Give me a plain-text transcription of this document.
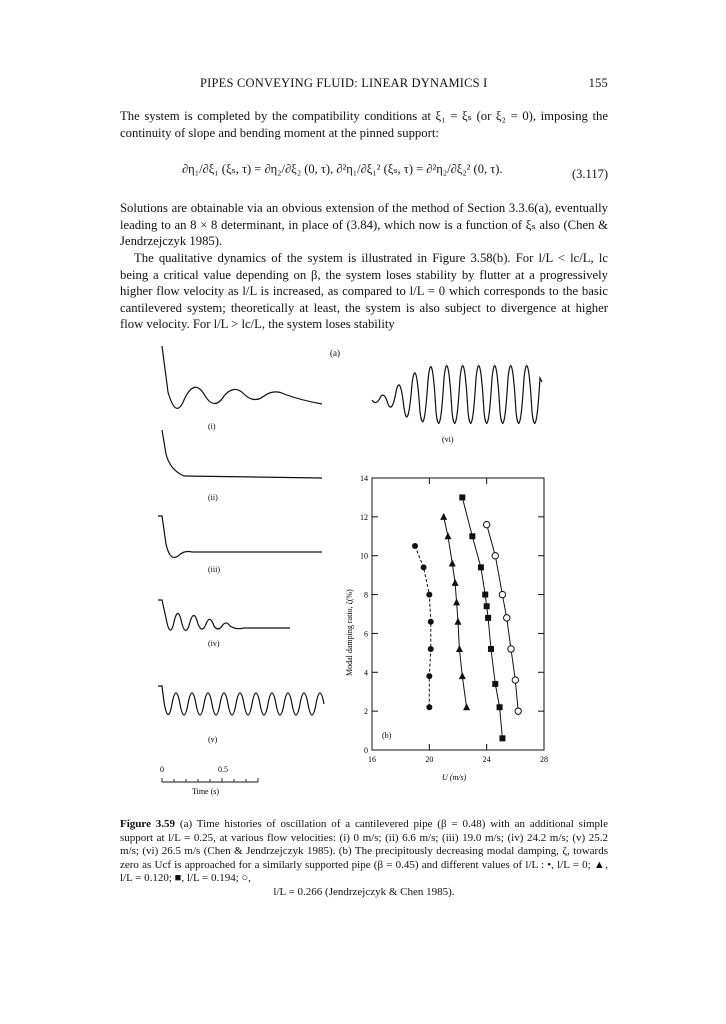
PIPES CONVEYING FLUID: LINEAR DYNAMICS I	155

The system is completed by the compatibility conditions at ξ₁ = ξₛ (or ξ₂ = 0), imposing the continuity of slope and bending moment at the pinned support:

∂η₁/∂ξ₁ (ξₛ, τ) = ∂η₂/∂ξ₂ (0, τ), ∂²η₁/∂ξ₁² (ξₛ, τ) = ∂²η₂/∂ξ₂² (0, τ).	(3.117)

Solutions are obtainable via an obvious extension of the method of Section 3.3.6(a), eventually leading to an 8 × 8 determinant, in place of (3.84), which now is a function of ξₛ also (Chen & Jendrzejczyk 1985).

The qualitative dynamics of the system is illustrated in Figure 3.58(b). For l/L < lc/L, lc being a critical value depending on β, the system loses stability by flutter at a progressively higher flow velocity as l/L is increased, as compared to l/L = 0 which corresponds to the basic cantilevered system; theoretically at least, the system is also subject to divergence at higher flow velocity. For l/L > lc/L, the system loses stability

(a)
(i)
(ii)
(iii)
(iv)
(v)
(vi)
0	0.5
Time (s)
0
2
4
6
8
10
12
14
16	20	24	28
(b)
U (m/s)
Modal damping ratio, ζ(%)

Figure 3.59 (a) Time histories of oscillation of a cantilevered pipe (β = 0.48) with an additional simple support at l/L = 0.25, at various flow velocities: (i) 0 m/s; (ii) 6.6 m/s; (iii) 19.0 m/s; (iv) 24.2 m/s; (v) 25.2 m/s; (vi) 26.5 m/s (Chen & Jendrzejczyk 1985). (b) The precipitously decreasing modal damping, ζ, towards zero as Ucf is approached for a similarly supported pipe (β = 0.45) and different values of l/L : •, l/L = 0; ▲, l/L = 0.120; ■, l/L = 0.194; ○,
l/L = 0.266 (Jendrzejczyk & Chen 1985).
